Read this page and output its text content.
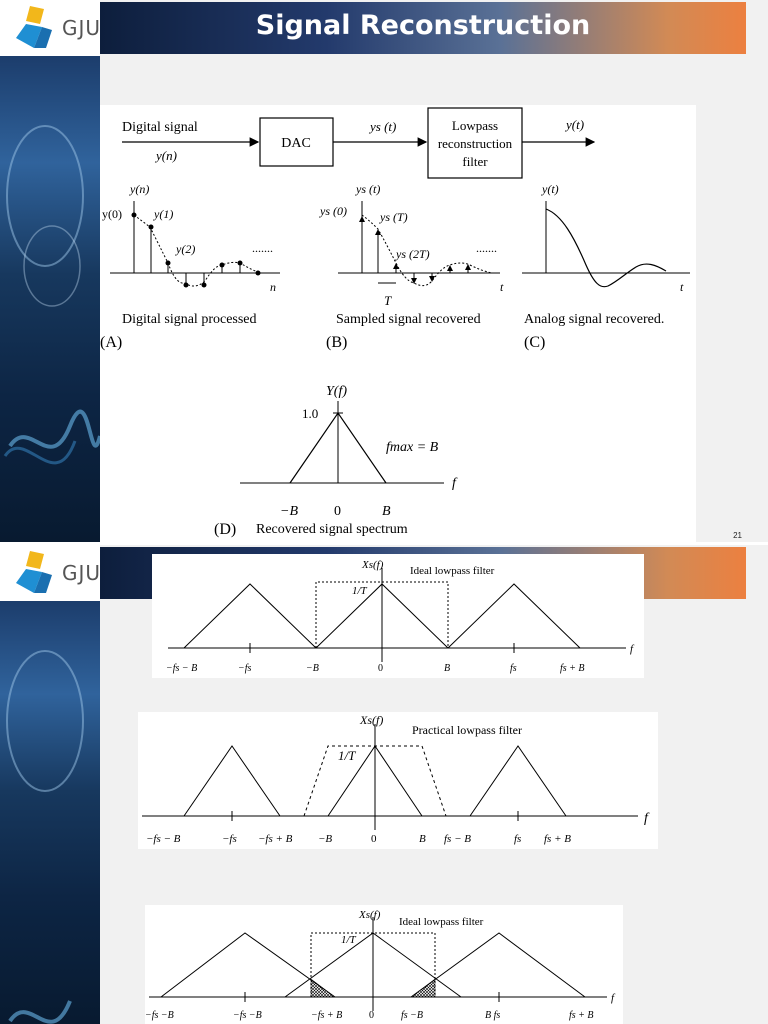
Signal Reconstruction
GJU
Digital signal
y(n)
DAC
ys (t)	Lowpass
reconstruction
filter
y(t)
y(n)
y(0)	y(1)
y(2)	.......
n
Digital signal processed
(A)
ys (t)
ys (0)	ys (T)
ys (2T)	.......
t
T
Sampled signal recovered
(B)
y(t)
t
Analog signal recovered.
(C)
Y(f)
1.0
fmax = B
f
−B	0	B
(D) Recovered signal spectrum	21
GJU	Xs(f)
1/T
Ideal lowpass filter
f
−fs − B	−fs	−B	0	B	fs	fs + B
Xs(f)
1/T
Practical lowpass filter
f
−fs − B	−fs −fs + B −B	0	B fs − B	fs fs + B
Xs(f)
1/T
Ideal lowpass filter
f
−fs −B	−fs −B	−fs + B	0	fs −B	B fs	fs + B
